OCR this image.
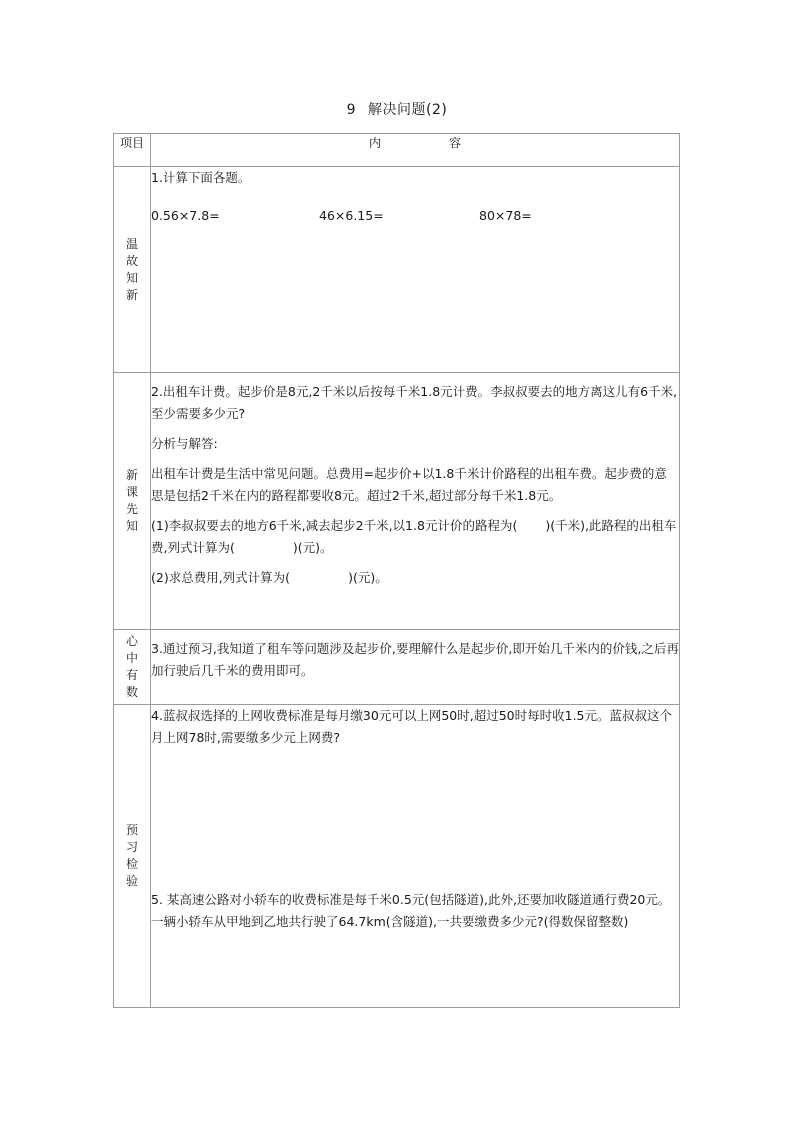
9 解决问题(2)
项目	内　容
温故知新	1.计算下面各题。

0.56×7.8= 46×6.15= 80×78=

新课先知	2.出租车计费。起步价是8元,2千米以后按每千米1.8元计费。李叔叔要去的地方离这儿有6千米,至少需要多少元?

分析与解答:

出租车计费是生活中常见问题。总费用=起步价+以1.8千米计价路程的出租车费。起步费的意思是包括2千米在内的路程都要收8元。超过2千米,超过部分每千米1.8元。

(1)李叔叔要去的地方6千米,减去起步2千米,以1.8元计价的路程为( )(千米),此路程的出租车费,列式计算为( )(元)。

(2)求总费用,列式计算为( )(元)。

心中有数	3.通过预习,我知道了租车等问题涉及起步价,要理解什么是起步价,即开始几千米内的价钱,之后再加行驶后几千米的费用即可。

预习检验	4.蓝叔叔选择的上网收费标准是每月缴30元可以上网50时,超过50时每时收1.5元。蓝叔叔这个月上网78时,需要缴多少元上网费?

5. 某高速公路对小轿车的收费标准是每千米0.5元(包括隧道),此外,还要加收隧道通行费20元。一辆小轿车从甲地到乙地共行驶了64.7km(含隧道),一共要缴费多少元?(得数保留整数)
